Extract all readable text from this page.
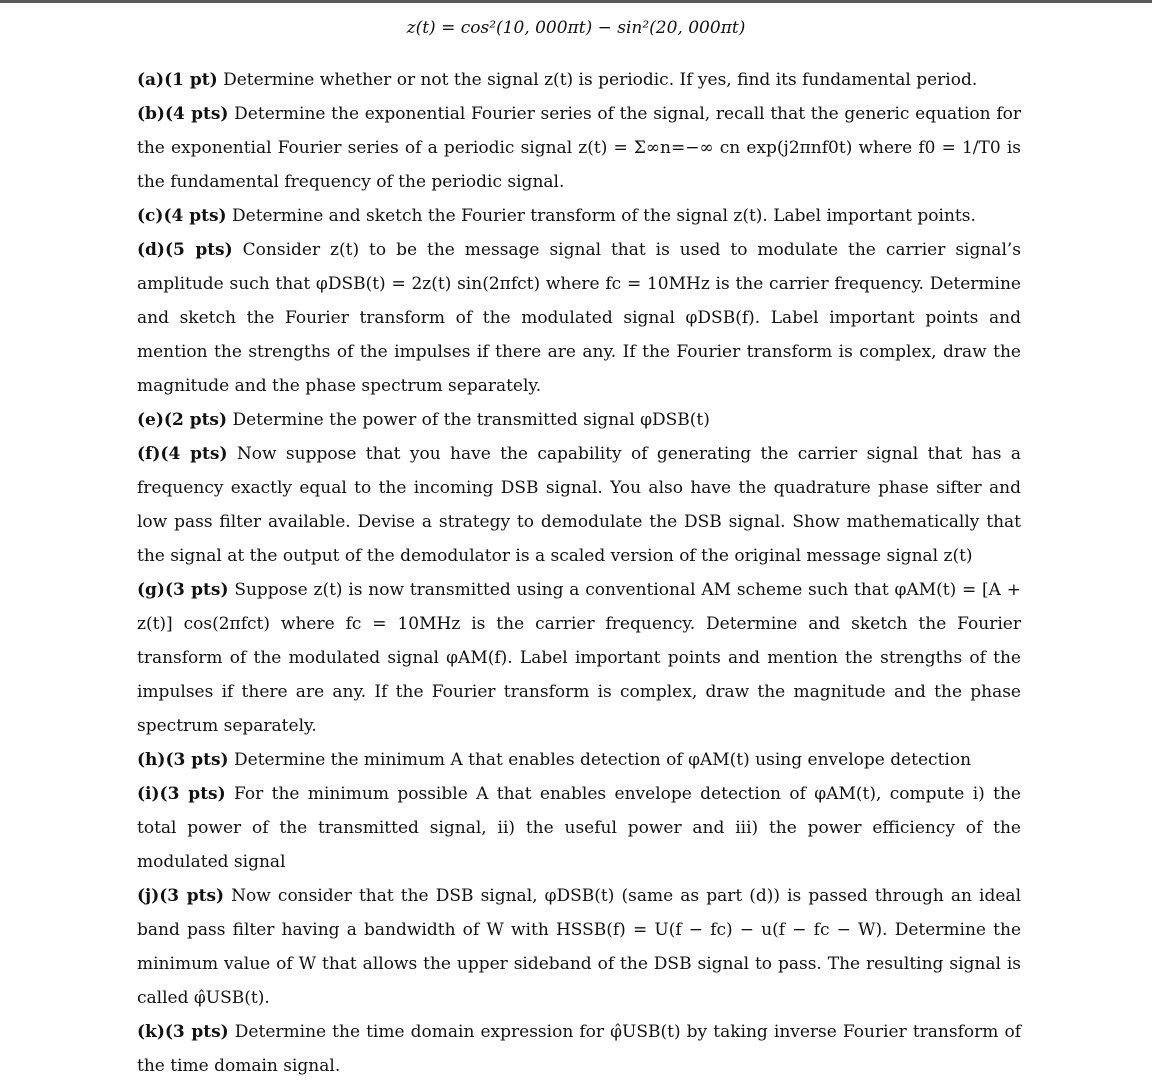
z(t) = cos²(10, 000πt) − sin²(20, 000πt)

(a)(1 pt) Determine whether or not the signal z(t) is periodic. If yes, find its fundamental period.

(b)(4 pts) Determine the exponential Fourier series of the signal, recall that the generic equation for the exponential Fourier series of a periodic signal z(t) = Σ∞n=−∞ cn exp(j2πnf0t) where f0 = 1/T0 is the fundamental frequency of the periodic signal.

(c)(4 pts) Determine and sketch the Fourier transform of the signal z(t). Label important points.

(d)(5 pts) Consider z(t) to be the message signal that is used to modulate the carrier signal’s amplitude such that φDSB(t) = 2z(t) sin(2πfct) where fc = 10MHz is the carrier frequency. Determine and sketch the Fourier transform of the modulated signal φDSB(f). Label important points and mention the strengths of the impulses if there are any. If the Fourier transform is complex, draw the magnitude and the phase spectrum separately.

(e)(2 pts) Determine the power of the transmitted signal φDSB(t)

(f)(4 pts) Now suppose that you have the capability of generating the carrier signal that has a frequency exactly equal to the incoming DSB signal. You also have the quadrature phase sifter and low pass filter available. Devise a strategy to demodulate the DSB signal. Show mathematically that the signal at the output of the demodulator is a scaled version of the original message signal z(t)

(g)(3 pts) Suppose z(t) is now transmitted using a conventional AM scheme such that φAM(t) = [A + z(t)] cos(2πfct) where fc = 10MHz is the carrier frequency. Determine and sketch the Fourier transform of the modulated signal φAM(f). Label important points and mention the strengths of the impulses if there are any. If the Fourier transform is complex, draw the magnitude and the phase spectrum separately.

(h)(3 pts) Determine the minimum A that enables detection of φAM(t) using envelope detection

(i)(3 pts) For the minimum possible A that enables envelope detection of φAM(t), compute i) the total power of the transmitted signal, ii) the useful power and iii) the power efficiency of the modulated signal

(j)(3 pts) Now consider that the DSB signal, φDSB(t) (same as part (d)) is passed through an ideal band pass filter having a bandwidth of W with HSSB(f) = U(f − fc) − u(f − fc − W). Determine the minimum value of W that allows the upper sideband of the DSB signal to pass. The resulting signal is called φ̂USB(t).

(k)(3 pts) Determine the time domain expression for φ̂USB(t) by taking inverse Fourier transform of the time domain signal.
